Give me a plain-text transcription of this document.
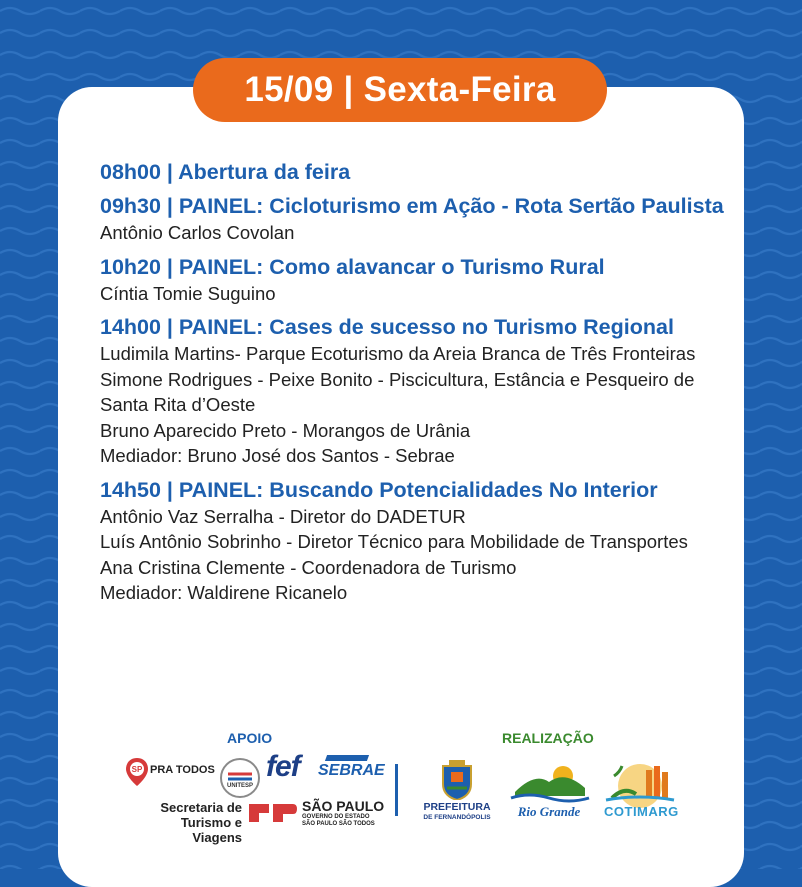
15/09 | Sexta-Feira
08h00 | Abertura da feira
09h30 | PAINEL: Cicloturismo em Ação - Rota Sertão Paulista
Antônio Carlos Covolan
10h20 | PAINEL: Como alavancar o Turismo Rural
Cíntia Tomie Suguino
14h00 | PAINEL: Cases de sucesso no Turismo Regional
Ludimila Martins- Parque Ecoturismo da Areia Branca de Três Fronteiras
Simone Rodrigues - Peixe Bonito - Piscicultura, Estância e Pesqueiro de Santa Rita d’Oeste
Bruno Aparecido Preto - Morangos de Urânia
Mediador: Bruno José dos Santos - Sebrae
14h50 | PAINEL: Buscando Potencialidades No Interior
Antônio Vaz Serralha - Diretor do DADETUR
Luís Antônio Sobrinho - Diretor Técnico para Mobilidade de Transportes
Ana Cristina Clemente - Coordenadora de Turismo
Mediador: Waldirene Ricanelo
APOIO	REALIZAÇÃO
SP PRA TODOS
UNITESP
fef SEBRAE
Secretaria de Turismo e Viagens
SÃO PAULO
GOVERNO DO ESTADO SÃO PAULO SÃO TODOS
PREFEITURA
DE FERNANDÓPOLIS	Rio Grande COTIMARG
